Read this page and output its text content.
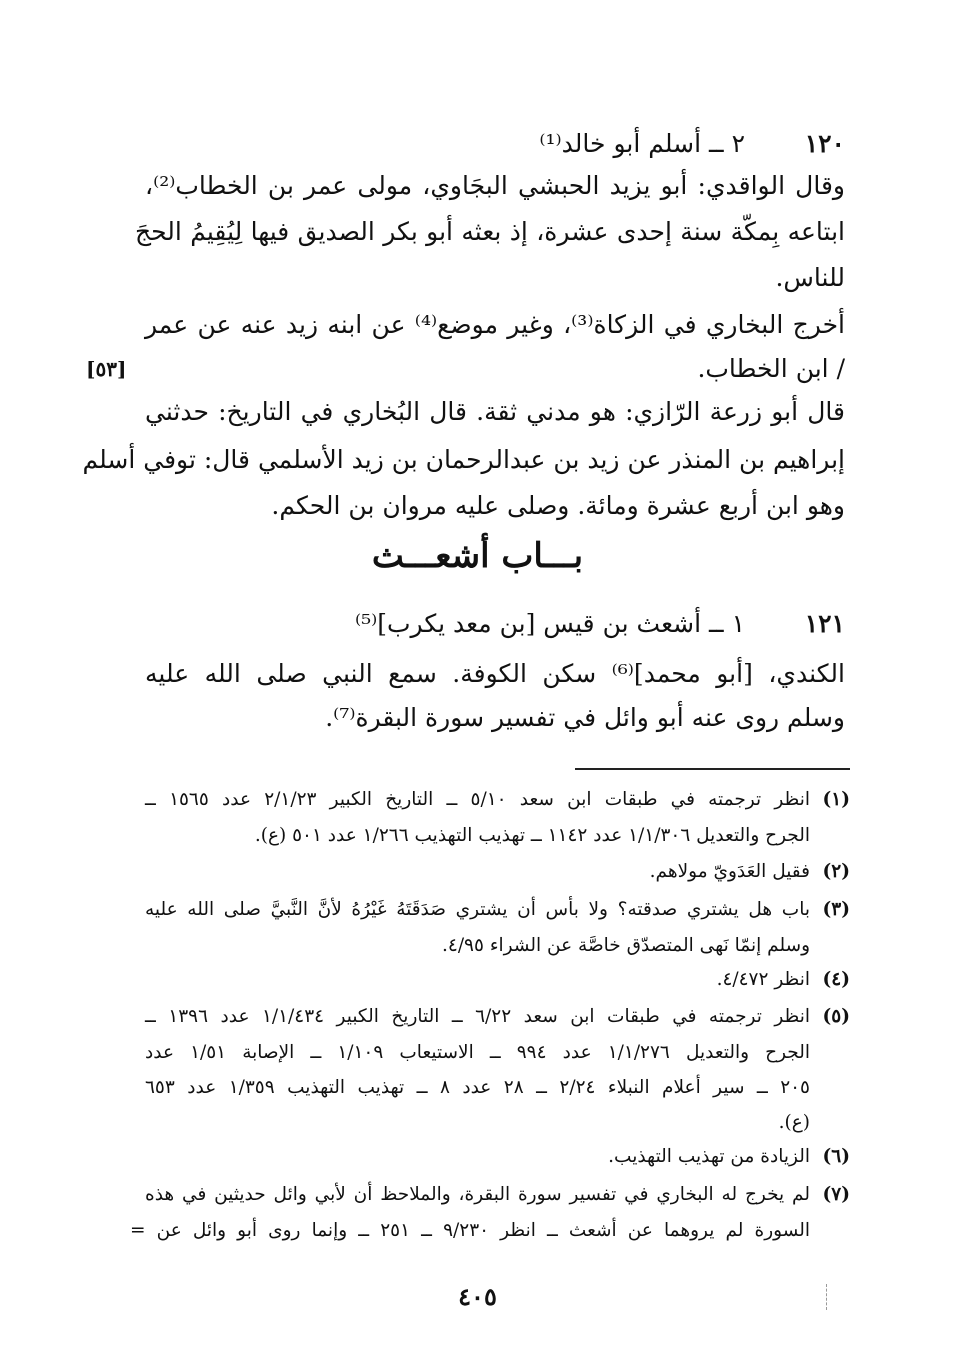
١٢٠
٢ ــ أسلم أبو خالد⁽¹⁾
وقال الواقدي: أبو يزيد الحبشي البجَاوي، مولى عمر بن الخطاب⁽²⁾،
ابتاعه بِمكّة سنة إحدى عشرة، إذ بعثه أبو بكر الصديق فيها لِيُقِيمُ الحجَ
للناس.
أخرج البخاري في الزكاة⁽³⁾، وغير موضع⁽⁴⁾ عن ابنه زيد عنه عن عمر
/ ابن الخطاب.
[٥٣]
قال أبو زرعة الرّازي: هو مدني ثقة. قال البُخاري في التاريخ: حدثني
إبراهيم بن المنذر عن زيد بن عبدالرحمان بن زيد الأسلمي قال: توفي أسلم
وهو ابن أربع عشرة ومائة. وصلى عليه مروان بن الحكم.
بـــاب أشعـــث
١٢١
١ ــ أشعث بن قيس [بن معد يكرب]⁽⁵⁾
الكندي، [أبو محمد]⁽⁶⁾ سكن الكوفة. سمع النبي صلى الله عليه
وسلم روى عنه أبو وائل في تفسير سورة البقرة⁽⁷⁾.
(١)
انظر ترجمته في طبقات ابن سعد ٥/١٠ ــ التاريخ الكبير ٢/١/٢٣ عدد ١٥٦٥ ــ
الجرح والتعديل ١/١/٣٠٦ عدد ١١٤٢ ــ تهذيب التهذيب ١/٢٦٦ عدد ٥٠١ (ع).
(٢)
فقيل العَدَويّ مولاهم.
(٣)
باب هل يشتري صدقته؟ ولا بأس أن يشتري صَدَقَتَهُ غَيْرُهُ لأنَّ النَّبيَّ صلى الله عليه
وسلم إنمّا نَهى المتصدّق خاصَّة عن الشراء ٤/٩٥.
(٤)
انظر ٤/٤٧٢.
(٥)
انظر ترجمته في طبقات ابن سعد ٦/٢٢ ــ التاريخ الكبير ١/١/٤٣٤ عدد ١٣٩٦ ــ
الجرح والتعديل ١/١/٢٧٦ عدد ٩٩٤ ــ الاستيعاب ١/١٠٩ ــ الإصابة ١/٥١ عدد
٢٠٥ ــ سير أعلام النبلاء ٢/٢٤ ــ ٢٨ عدد ٨ ــ تهذيب التهذيب ١/٣٥٩ عدد ٦٥٣
(ع).
(٦)
الزيادة من تهذيب التهذيب.
(٧)
لم يخرج له البخاري في تفسير سورة البقرة، والملاحظ أن لأبي وائل حديثين في هذه
السورة لم يروهما عن أشعث ــ انظر ٩/٢٣٠ ــ ٢٥١ ــ وإنما روى أبو وائل عن =
٤٠٥
